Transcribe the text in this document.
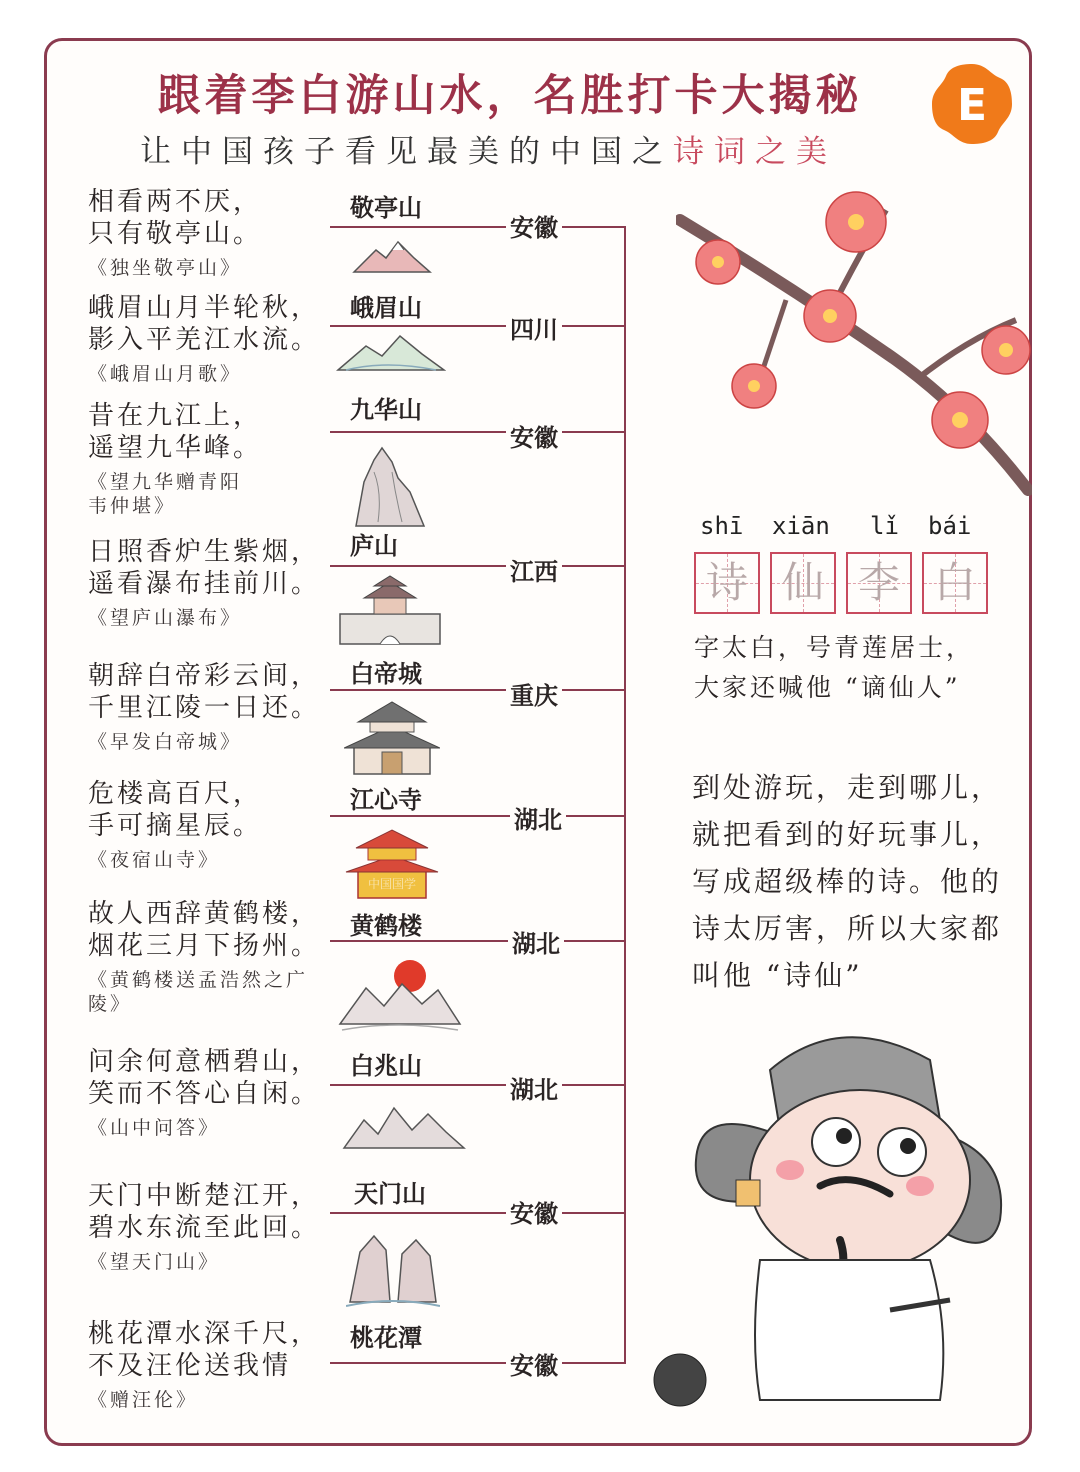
跟着李白游山水，名胜打卡大揭秘
让中国孩子看见最美的中国之诗词之美
E
相看两不厌，
只有敬亭山。
《独坐敬亭山》
敬亭山
安徽
峨眉山月半轮秋，
影入平羌江水流。
《峨眉山月歌》
峨眉山
四川
昔在九江上，
遥望九华峰。
《望九华赠青阳韦仲堪》
九华山
安徽
日照香炉生紫烟，
遥看瀑布挂前川。
《望庐山瀑布》
庐山
江西
朝辞白帝彩云间，
千里江陵一日还。
《早发白帝城》
白帝城
重庆
危楼高百尺，
手可摘星辰。
《夜宿山寺》
江心寺
湖北
中国国学
故人西辞黄鹤楼，
烟花三月下扬州。
《黄鹤楼送孟浩然之广陵》
黄鹤楼
湖北
问余何意栖碧山，
笑而不答心自闲。
《山中问答》
白兆山
湖北
天门中断楚江开，
碧水东流至此回。
《望天门山》
天门山
安徽
桃花潭水深千尺，
不及汪伦送我情
《赠汪伦》
桃花潭
安徽
shī xiān lǐ bái
诗 仙 李 白
字太白，号青莲居士，
大家还喊他 “谪仙人”
到处游玩，走到哪儿，就把看到的好玩事儿，写成超级棒的诗。他的诗太厉害，所以大家都叫他 “诗仙”
